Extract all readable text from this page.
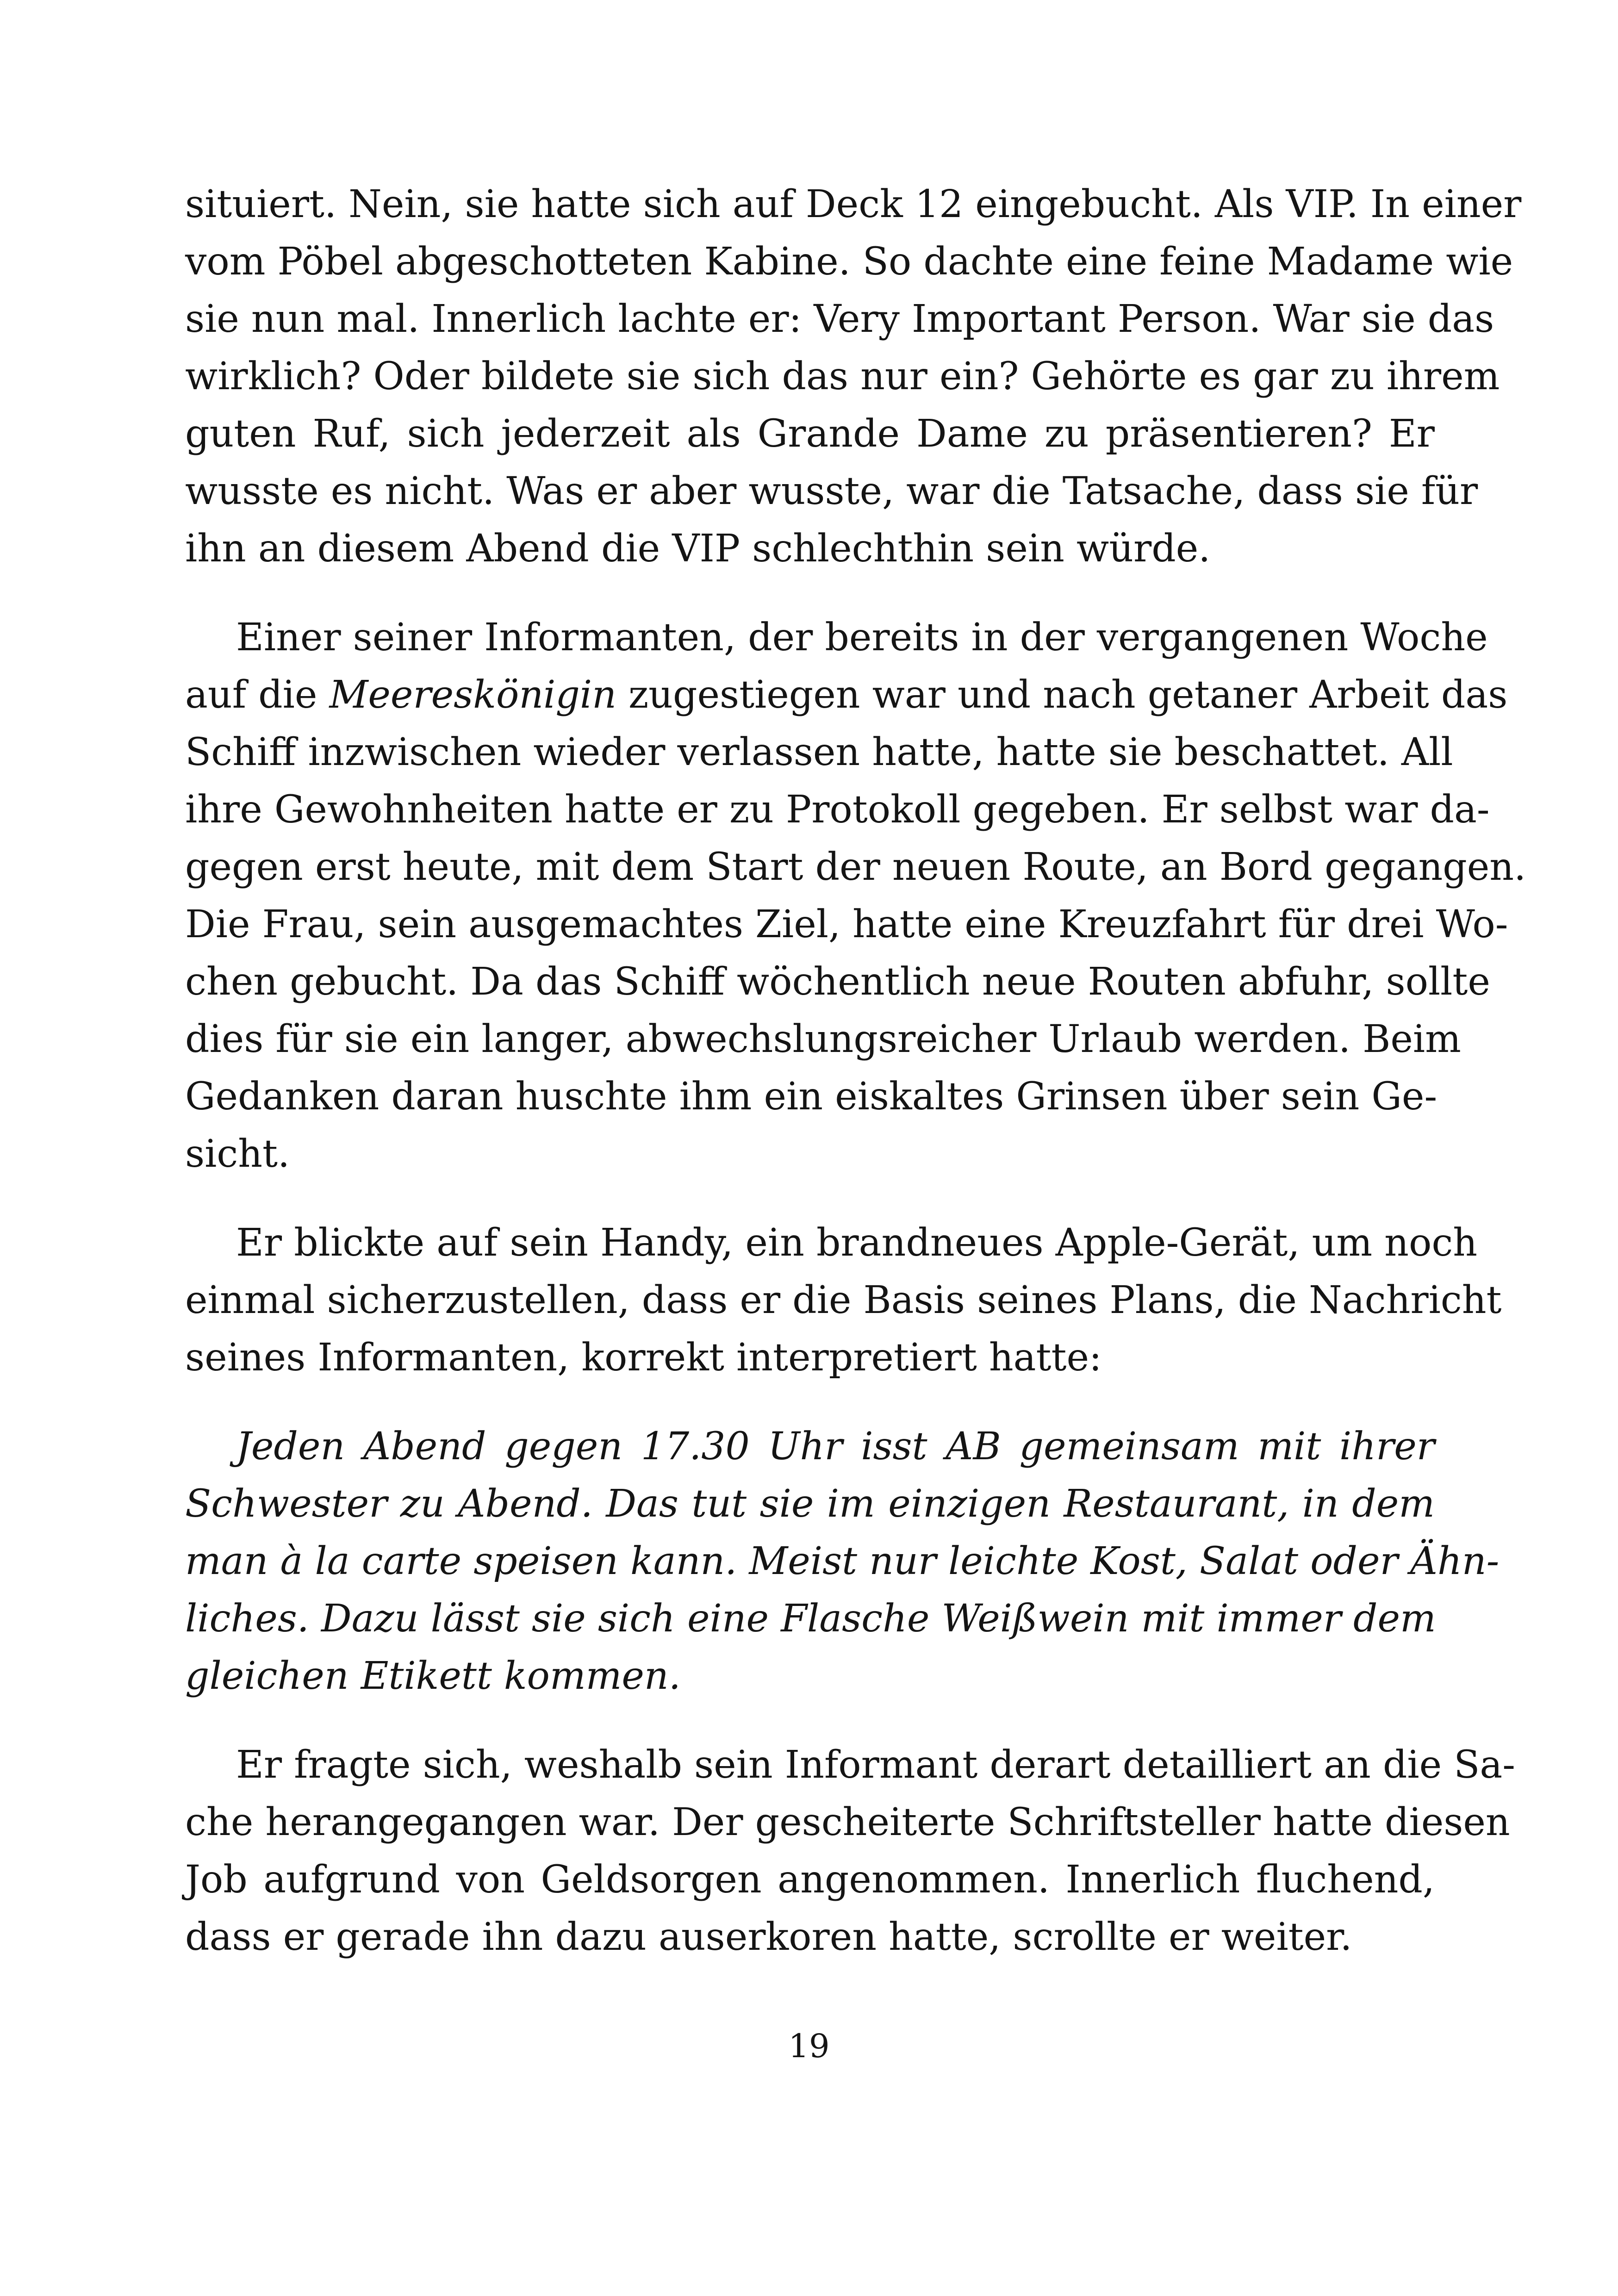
situiert. Nein, sie hatte sich auf Deck 12 eingebucht. Als VIP. In einer
vom Pöbel abgeschotteten Kabine. So dachte eine feine Madame wie
sie nun mal. Innerlich lachte er: Very Important Person. War sie das
wirklich? Oder bildete sie sich das nur ein? Gehörte es gar zu ihrem
guten Ruf, sich jederzeit als Grande Dame zu präsentieren? Er
wusste es nicht. Was er aber wusste, war die Tatsache, dass sie für
ihn an diesem Abend die VIP schlechthin sein würde.

Einer seiner Informanten, der bereits in der vergangenen Woche
auf die Meereskönigin zugestiegen war und nach getaner Arbeit das
Schiff inzwischen wieder verlassen hatte, hatte sie beschattet. All
ihre Gewohnheiten hatte er zu Protokoll gegeben. Er selbst war da-
gegen erst heute, mit dem Start der neuen Route, an Bord gegangen.
Die Frau, sein ausgemachtes Ziel, hatte eine Kreuzfahrt für drei Wo-
chen gebucht. Da das Schiff wöchentlich neue Routen abfuhr, sollte
dies für sie ein langer, abwechslungsreicher Urlaub werden. Beim
Gedanken daran huschte ihm ein eiskaltes Grinsen über sein Ge-
sicht.

Er blickte auf sein Handy, ein brandneues Apple-Gerät, um noch
einmal sicherzustellen, dass er die Basis seines Plans, die Nachricht
seines Informanten, korrekt interpretiert hatte:

Jeden Abend gegen 17.30 Uhr isst AB gemeinsam mit ihrer
Schwester zu Abend. Das tut sie im einzigen Restaurant, in dem
man à la carte speisen kann. Meist nur leichte Kost, Salat oder Ähn-
liches. Dazu lässt sie sich eine Flasche Weißwein mit immer dem
gleichen Etikett kommen.

Er fragte sich, weshalb sein Informant derart detailliert an die Sa-
che herangegangen war. Der gescheiterte Schriftsteller hatte diesen
Job aufgrund von Geldsorgen angenommen. Innerlich fluchend,
dass er gerade ihn dazu auserkoren hatte, scrollte er weiter.

19
